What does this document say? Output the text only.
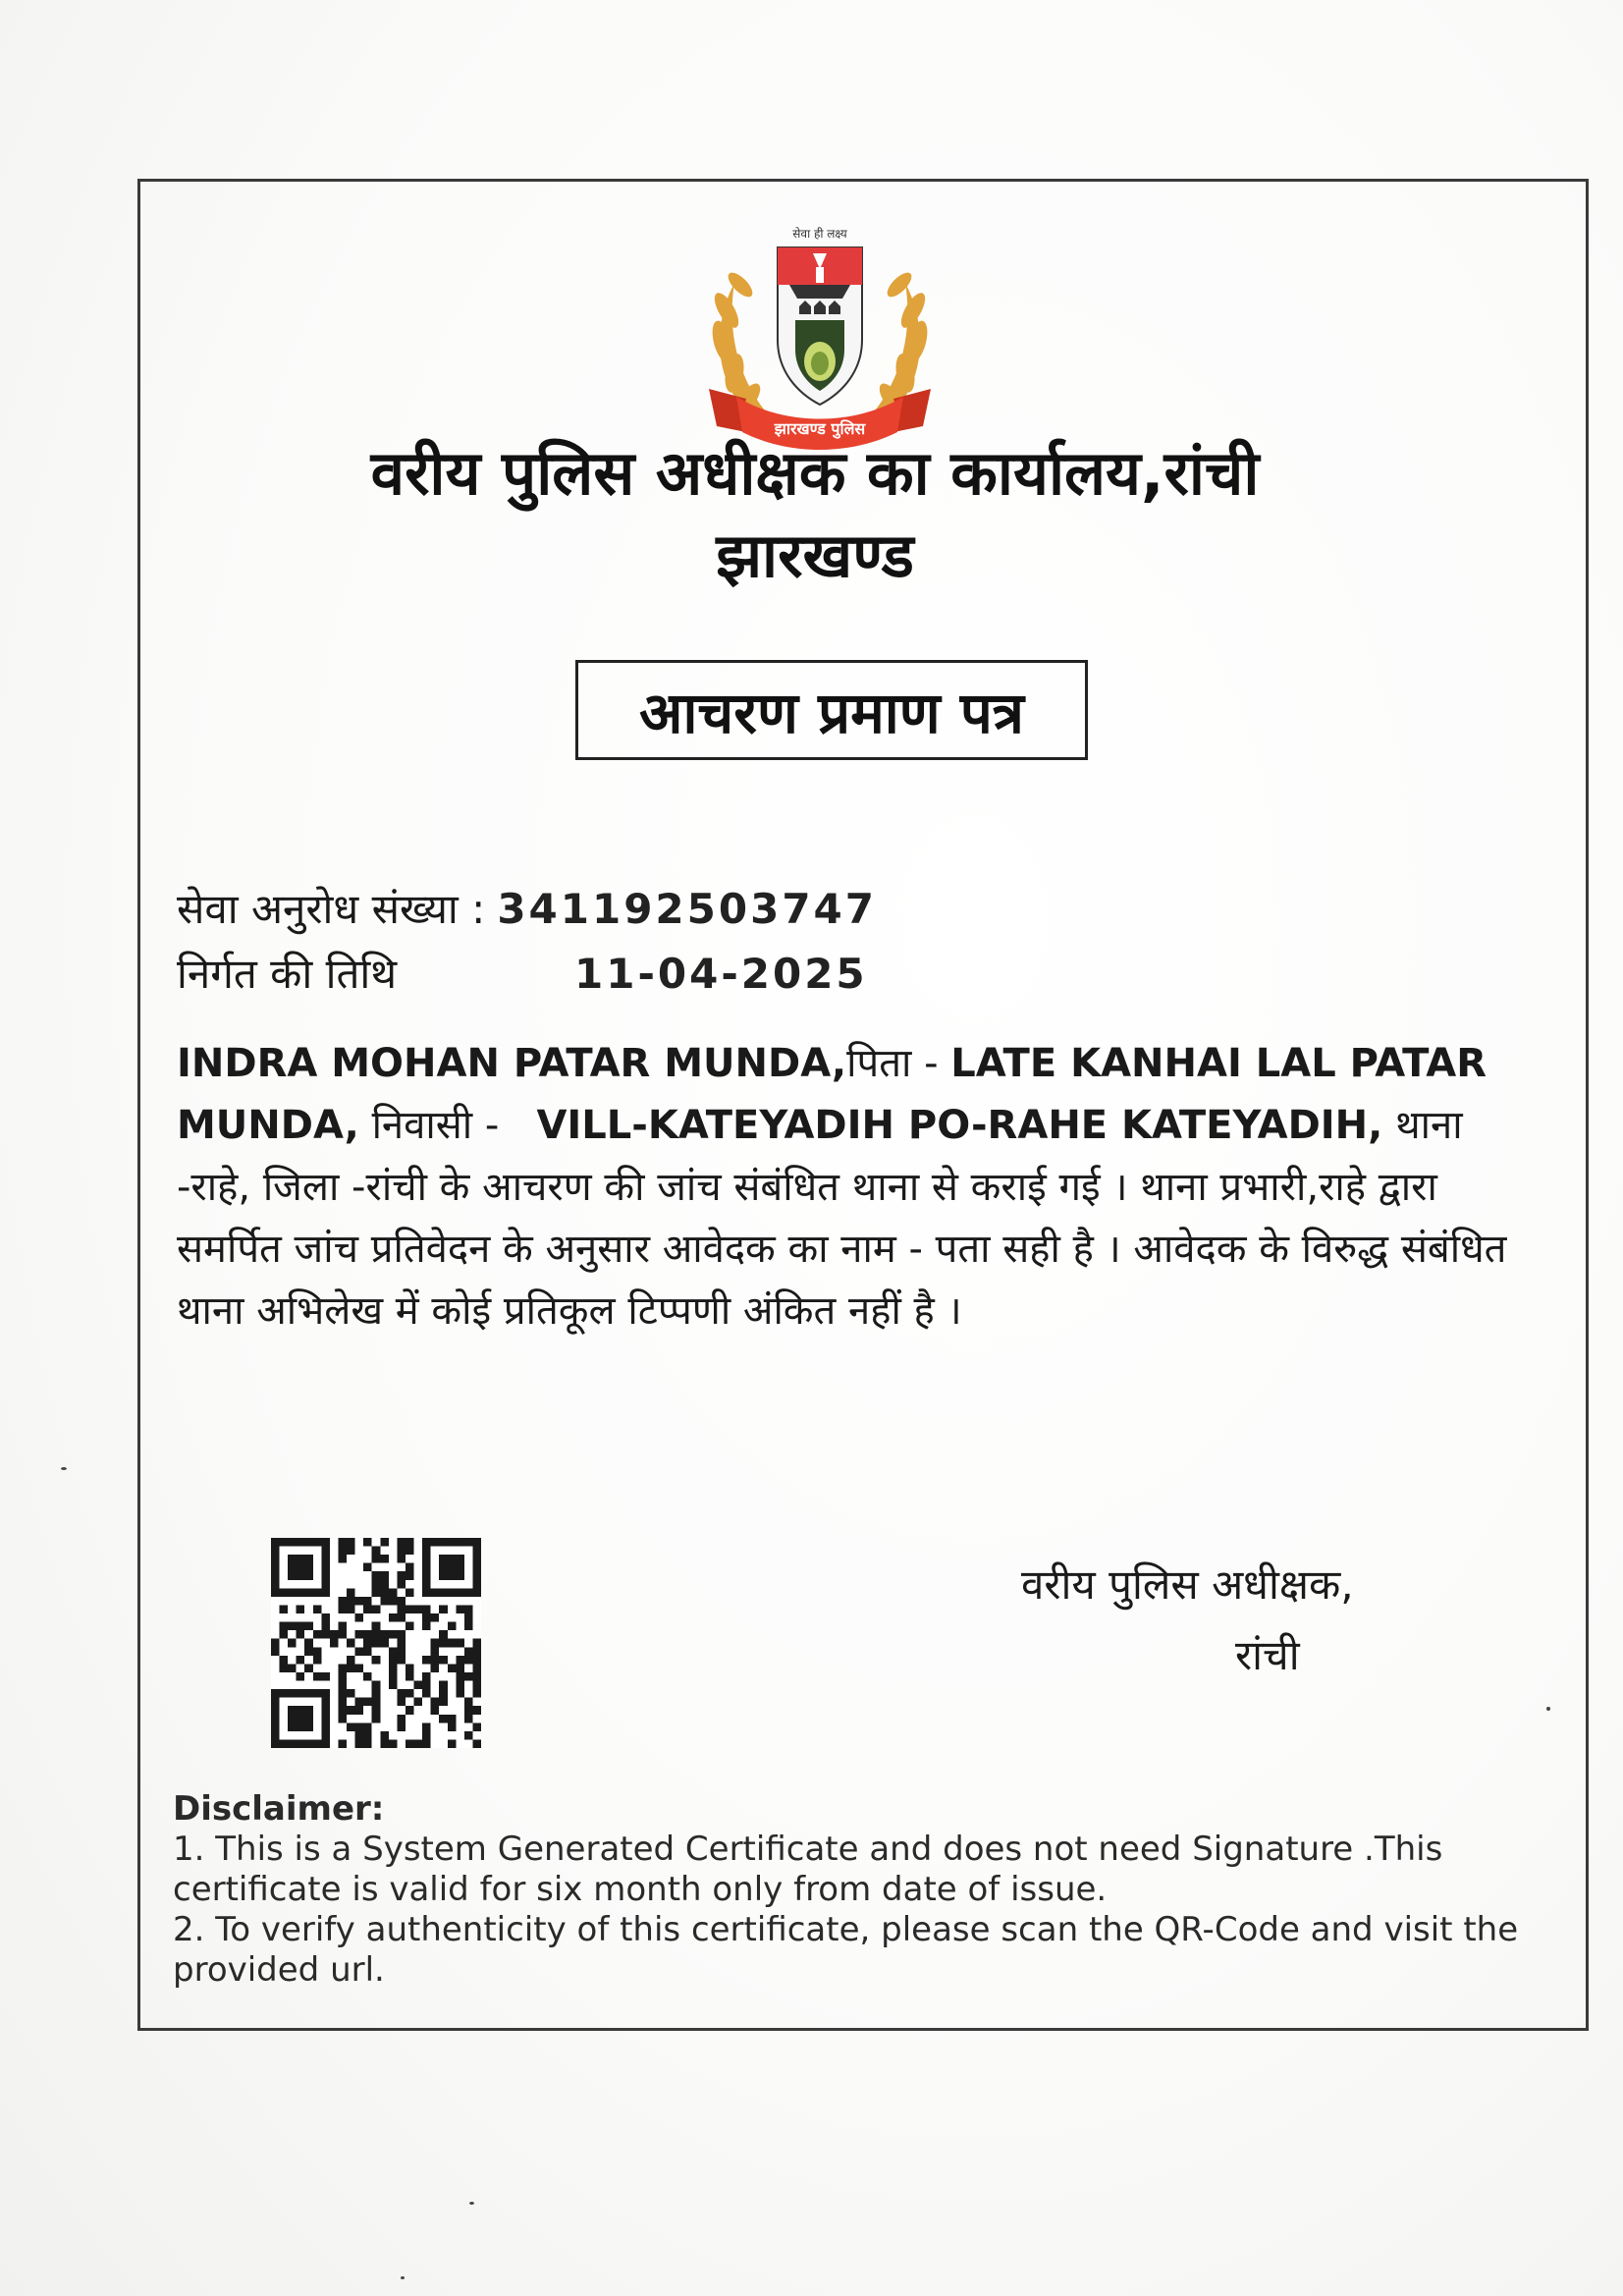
सेवा ही लक्ष्य
झारखण्ड पुलिस
वरीय पुलिस अधीक्षक का कार्यालय,रांची
झारखण्ड
आचरण प्रमाण पत्र
सेवा अनुरोध संख्या : 341192503747
निर्गत की तिथि	11-04-2025
INDRA MOHAN PATAR MUNDA,पिता - LATE KANHAI LAL PATAR MUNDA, निवासी -   VILL-KATEYADIH PO-RAHE KATEYADIH, थाना -राहे, जिला -रांची के आचरण की जांच संबंधित थाना से कराई गई । थाना प्रभारी,राहे द्वारा समर्पित जांच प्रतिवेदन के अनुसार आवेदक का नाम - पता सही है । आवेदक के विरुद्ध संबंधित थाना अभिलेख में कोई प्रतिकूल टिप्पणी अंकित नहीं है ।
वरीय पुलिस अधीक्षक,
रांची
Disclaimer:
1. This is a System Generated Certificate and does not need Signature .This certificate is valid for six month only from date of issue.
2. To verify authenticity of this certificate, please scan the QR-Code and visit the provided url.
